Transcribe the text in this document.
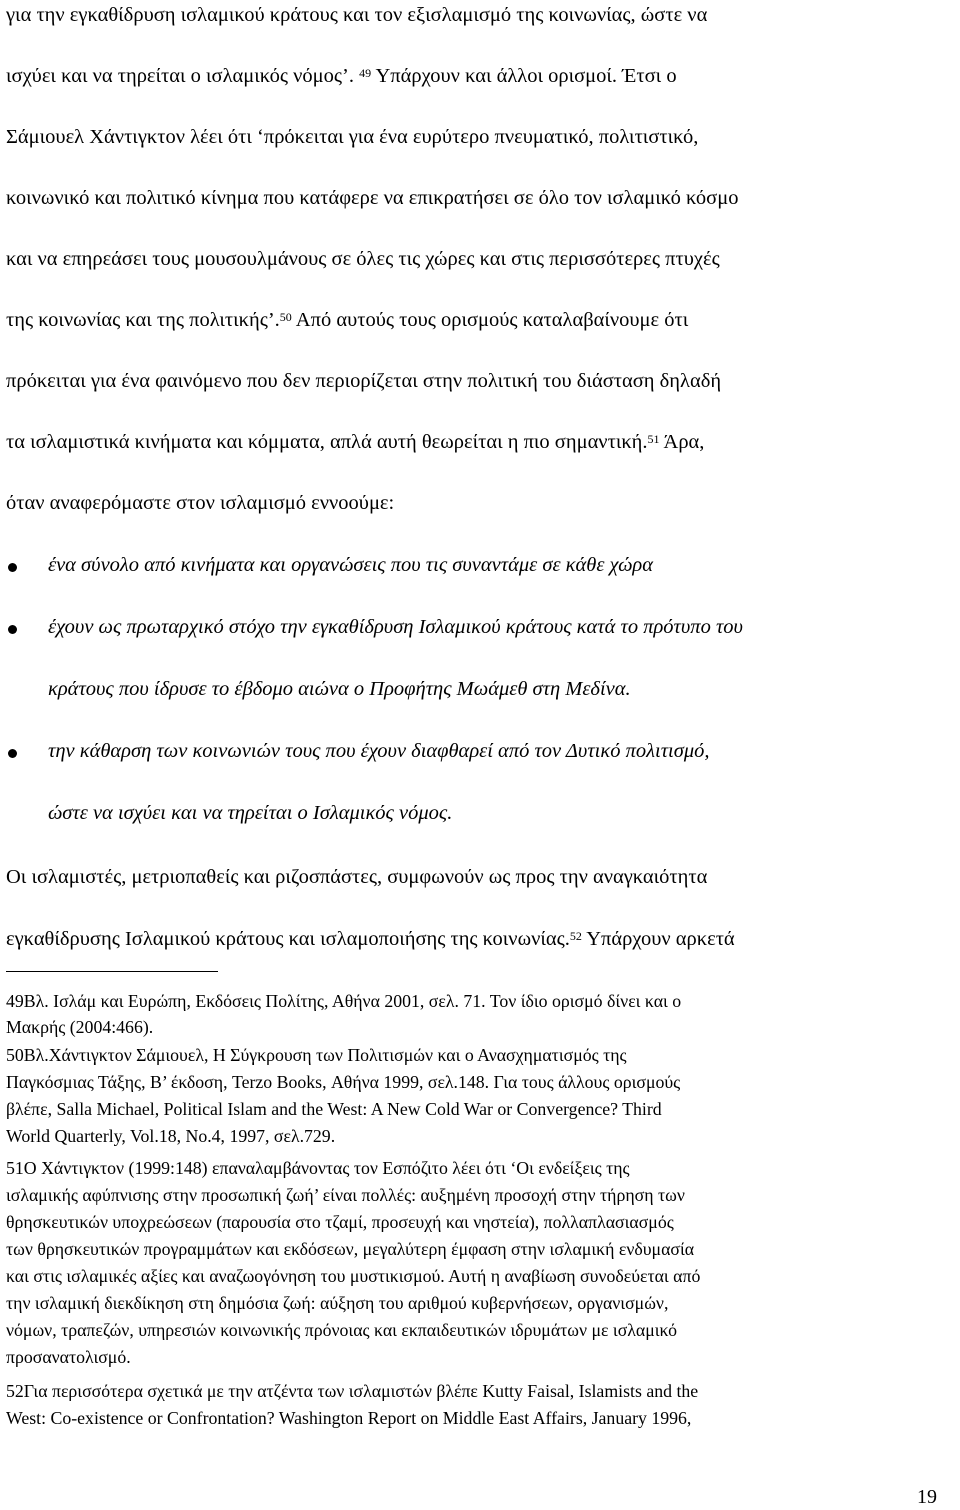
για την εγκαθίδρυση ισλαμικού κράτους και τον εξισλαμισμό της κοινωνίας, ώστε να
ισχύει και να τηρείται ο ισλαμικός νόμος’. $^{49}$ Υπάρχουν και άλλοι ορισμοί. Έτσι ο
Σάμιουελ Χάντιγκτον λέει ότι ‘πρόκειται για ένα ευρύτερο πνευματικό, πολιτιστικό,
κοινωνικό και πολιτικό κίνημα που κατάφερε να επικρατήσει σε όλο τον ισλαμικό κόσμο
και να επηρεάσει τους μουσουλμάνους σε όλες τις χώρες και στις περισσότερες πτυχές
της κοινωνίας και της πολιτικής’.$^{50}$ Από αυτούς τους ορισμούς καταλαβαίνουμε ότι
πρόκειται για ένα φαινόμενο που δεν περιορίζεται στην πολιτική του διάσταση δηλαδή
τα ισλαμιστικά κινήματα και κόμματα, απλά αυτή θεωρείται η πιο σημαντική.$^{51}$ Άρα,
όταν αναφερόμαστε στον ισλαμισμό εννοούμε:
ένα σύνολο από κινήματα και οργανώσεις που τις συναντάμε σε κάθε χώρα
έχουν ως πρωταρχικό στόχο την εγκαθίδρυση Ισλαμικού κράτους κατά το πρότυπο του
κράτους που ίδρυσε το έβδομο αιώνα ο Προφήτης Μωάμεθ στη Μεδίνα.
την κάθαρση των κοινωνιών τους που έχουν διαφθαρεί από τον Δυτικό πολιτισμό,
ώστε να ισχύει και να τηρείται ο Ισλαμικός νόμος.
Οι ισλαμιστές, μετριοπαθείς και ριζοσπάστες, συμφωνούν ως προς την αναγκαιότητα
εγκαθίδρυσης Ισλαμικού κράτους και ισλαμοποιήσης της κοινωνίας.$^{52}$ Υπάρχουν αρκετά
49Βλ. Ισλάμ και Ευρώπη, Εκδόσεις Πολίτης, Αθήνα 2001, σελ. 71. Τον ίδιο ορισμό δίνει και ο
Μακρής (2004:466).
50Βλ.Χάντιγκτον Σάμιουελ, Η Σύγκρουση των Πολιτισμών και ο Ανασχηματισμός της
Παγκόσμιας Τάξης, Β’ έκδοση, Terzo Books, Αθήνα 1999, σελ.148. Για τους άλλους ορισμούς
βλέπε, Salla Michael, Political Islam and the West: A New Cold War or Convergence? Third
World Quarterly, Vol.18, No.4, 1997, σελ.729.
51Ο Χάντιγκτον (1999:148) επαναλαμβάνοντας τον Εσπόζιτο λέει ότι ‘Οι ενδείξεις της
ισλαμικής αφύπνισης στην προσωπική ζωή’ είναι πολλές: αυξημένη προσοχή στην τήρηση των
θρησκευτικών υποχρεώσεων (παρουσία στο τζαμί, προσευχή και νηστεία), πολλαπλασιασμός
των θρησκευτικών προγραμμάτων και εκδόσεων, μεγαλύτερη έμφαση στην ισλαμική ενδυμασία
και στις ισλαμικές αξίες και αναζωογόνηση του μυστικισμού. Αυτή η αναβίωση συνοδεύεται από
την ισλαμική διεκδίκηση στη δημόσια ζωή: αύξηση του αριθμού κυβερνήσεων, οργανισμών,
νόμων, τραπεζών, υπηρεσιών κοινωνικής πρόνοιας και εκπαιδευτικών ιδρυμάτων με ισλαμικό
προσανατολισμό.
52Για περισσότερα σχετικά με την ατζέντα των ισλαμιστών βλέπε Kutty Faisal, Islamists and the
West: Co-existence or Confrontation? Washington Report on Middle East Affairs, January 1996,
19
